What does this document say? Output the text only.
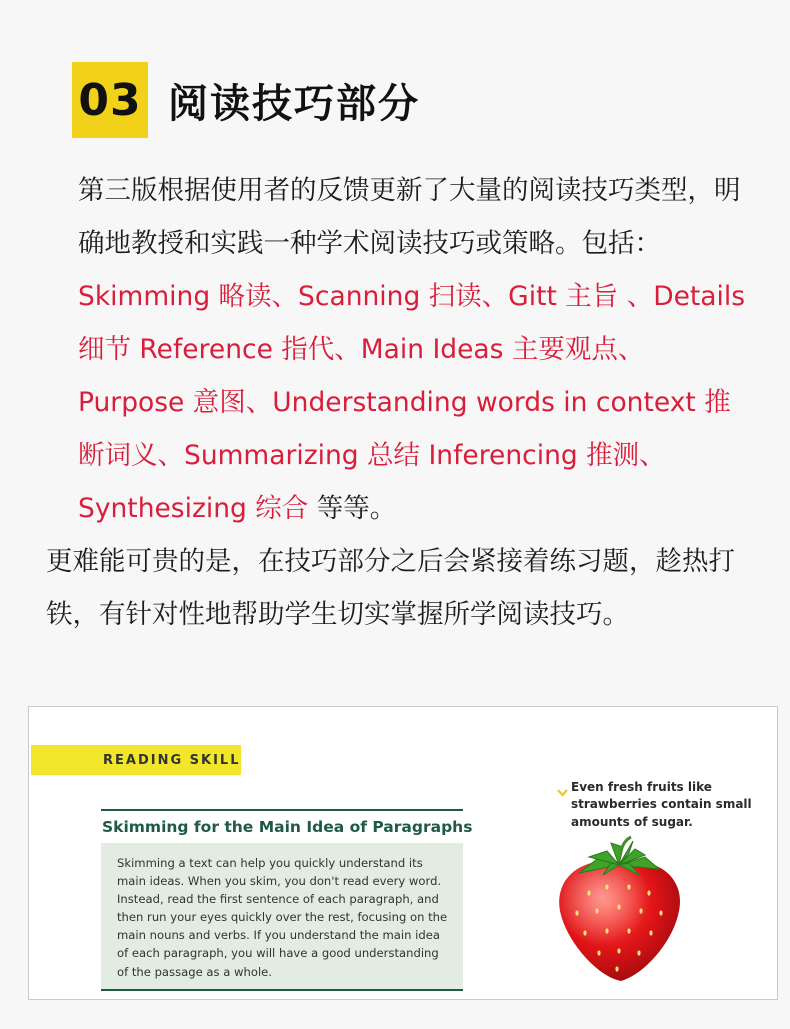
03 阅读技巧部分

第三版根据使用者的反馈更新了大量的阅读技巧类型，明确地教授和实践一种学术阅读技巧或策略。包括：Skimming 略读、Scanning 扫读、Gitt 主旨 、Details 细节 Reference 指代、Main Ideas 主要观点、Purpose 意图、Understanding words in context 推断词义、Summarizing 总结 Inferencing 推测、Synthesizing 综合 等等。

更难能可贵的是，在技巧部分之后会紧接着练习题，趁热打铁，有针对性地帮助学生切实掌握所学阅读技巧。

READING SKILL
Skimming for the Main Idea of Paragraphs
Skimming a text can help you quickly understand its main ideas. When you skim, you don't read every word. Instead, read the first sentence of each paragraph, and then run your eyes quickly over the rest, focusing on the main nouns and verbs. If you understand the main idea of each paragraph, you will have a good understanding of the passage as a whole.
Even fresh fruits like strawberries contain small amounts of sugar.
